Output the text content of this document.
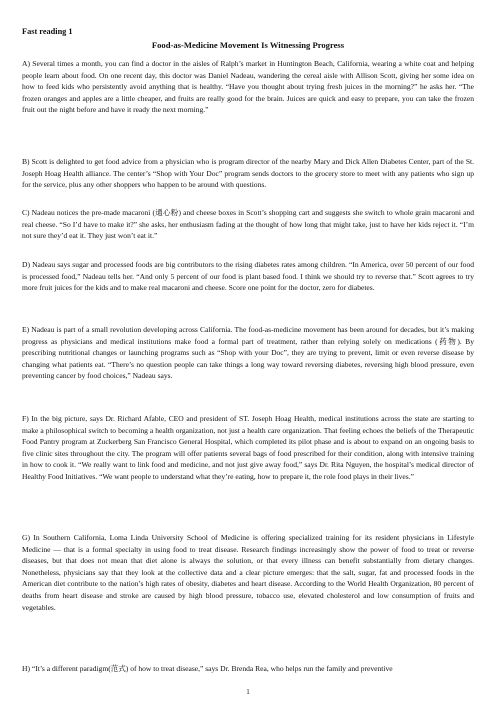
Fast reading 1
Food-as-Medicine Movement Is Witnessing Progress

A) Several times a month, you can find a doctor in the aisles of Ralph’s market in Huntington Beach, California, wearing a white coat and helping people learn about food. On one recent day, this doctor was Daniel Nadeau, wandering the cereal aisle with Allison Scott, giving her some idea on how to feed kids who persistently avoid anything that is healthy. “Have you thought about trying fresh juices in the morning?” he asks her. “The frozen oranges and apples are a little cheaper, and fruits are really good for the brain. Juices are quick and easy to prepare, you can take the frozen fruit out the night before and have it ready the next morning.”

B) Scott is delighted to get food advice from a physician who is program director of the nearby Mary and Dick Allen Diabetes Center, part of the St. Joseph Hoag Health alliance. The center’s “Shop with Your Doc” program sends doctors to the grocery store to meet with any patients who sign up for the service, plus any other shoppers who happen to be around with questions.

C) Nadeau notices the pre-made macaroni (通心粉) and cheese boxes in Scott’s shopping cart and suggests she switch to whole grain macaroni and real cheese. “So I’d have to make it?” she asks, her enthusiasm fading at the thought of how long that might take, just to have her kids reject it. “I’m not sure they’d eat it. They just won’t eat it.”

D) Nadeau says sugar and processed foods are big contributors to the rising diabetes rates among children. “In America, over 50 percent of our food is processed food,” Nadeau tells her. “And only 5 percent of our food is plant based food. I think we should try to reverse that.” Scott agrees to try more fruit juices for the kids and to make real macaroni and cheese. Score one point for the doctor, zero for diabetes.

E) Nadeau is part of a small revolution developing across California. The food-as-medicine movement has been around for decades, but it’s making progress as physicians and medical institutions make food a formal part of treatment, rather than relying solely on medications (药物). By prescribing nutritional changes or launching programs such as “Shop with your Doc”, they are trying to prevent, limit or even reverse disease by changing what patients eat. “There’s no question people can take things a long way toward reversing diabetes, reversing high blood pressure, even preventing cancer by food choices,” Nadeau says.

F) In the big picture, says Dr. Richard Afable, CEO and president of ST. Joseph Hoag Health, medical institutions across the state are starting to make a philosophical switch to becoming a health organization, not just a health care organization. That feeling echoes the beliefs of the Therapeutic Food Pantry program at Zuckerberg San Francisco General Hospital, which completed its pilot phase and is about to expand on an ongoing basis to five clinic sites throughout the city. The program will offer patients several bags of food prescribed for their condition, along with intensive training in how to cook it. “We really want to link food and medicine, and not just give away food,” says Dr. Rita Nguyen, the hospital’s medical director of Healthy Food Initiatives. “We want people to understand what they’re eating, how to prepare it, the role food plays in their lives.”

G) In Southern California, Loma Linda University School of Medicine is offering specialized training for its resident physicians in Lifestyle Medicine — that is a formal specialty in using food to treat disease. Research findings increasingly show the power of food to treat or reverse diseases, but that does not mean that diet alone is always the solution, or that every illness can benefit substantially from dietary changes. Nonetheless, physicians say that they look at the collective data and a clear picture emerges: that the salt, sugar, fat and processed foods in the American diet contribute to the nation’s high rates of obesity, diabetes and heart disease. According to the World Health Organization, 80 percent of deaths from heart disease and stroke are caused by high blood pressure, tobacco use, elevated cholesterol and low consumption of fruits and vegetables.

H) “It’s a different paradigm(范式) of how to treat disease,” says Dr. Brenda Rea, who helps run the family and preventive

1
